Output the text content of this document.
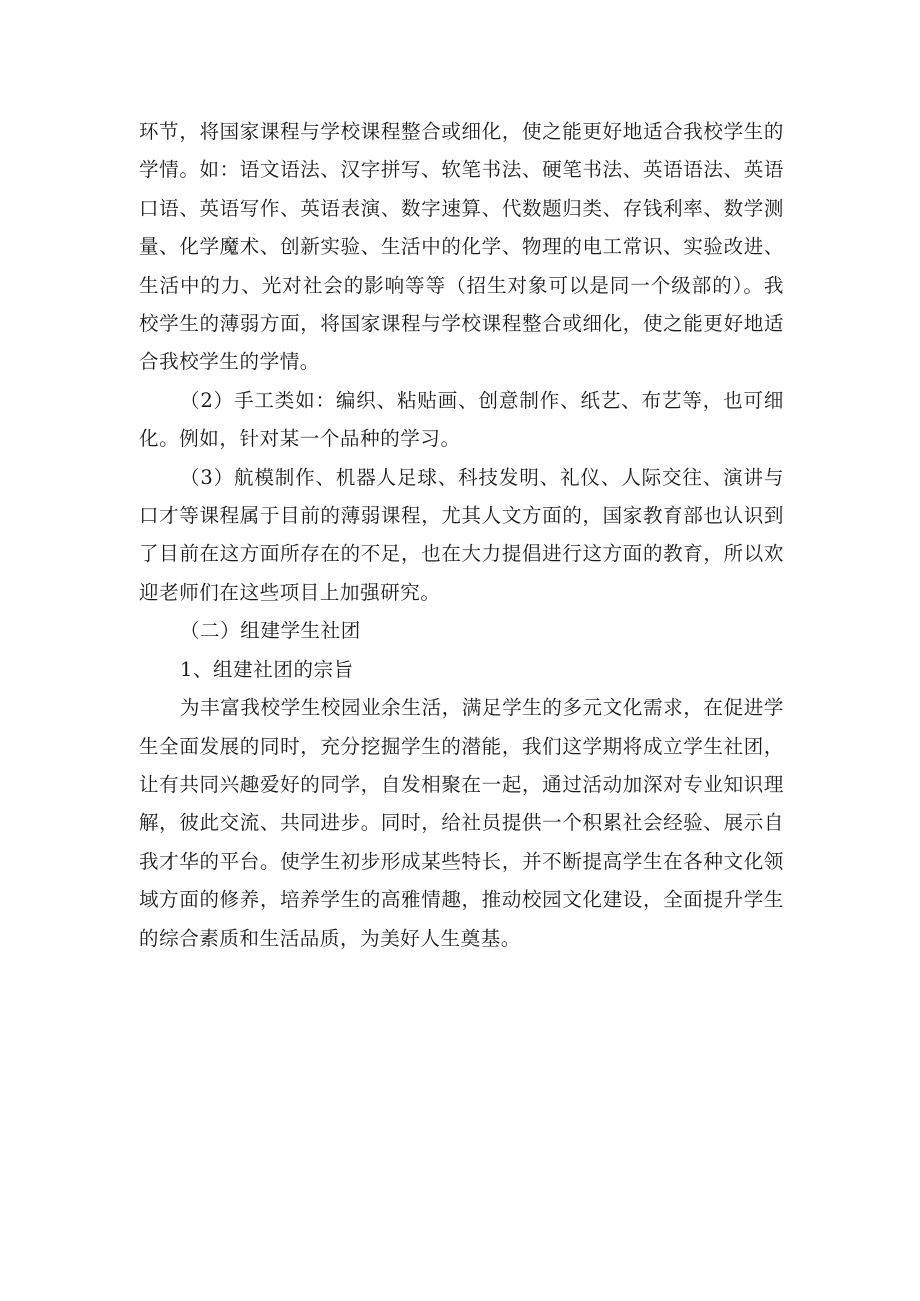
环节，将国家课程与学校课程整合或细化，使之能更好地适合我校学生的学情。如：语文语法、汉字拼写、软笔书法、硬笔书法、英语语法、英语口语、英语写作、英语表演、数字速算、代数题归类、存钱利率、数学测量、化学魔术、创新实验、生活中的化学、物理的电工常识、实验改进、生活中的力、光对社会的影响等等（招生对象可以是同一个级部的）。我校学生的薄弱方面，将国家课程与学校课程整合或细化，使之能更好地适合我校学生的学情。

（2）手工类如：编织、粘贴画、创意制作、纸艺、布艺等，也可细化。例如，针对某一个品种的学习。

（3）航模制作、机器人足球、科技发明、礼仪、人际交往、演讲与口才等课程属于目前的薄弱课程，尤其人文方面的，国家教育部也认识到了目前在这方面所存在的不足，也在大力提倡进行这方面的教育，所以欢迎老师们在这些项目上加强研究。

（二）组建学生社团

1、组建社团的宗旨

为丰富我校学生校园业余生活，满足学生的多元文化需求，在促进学生全面发展的同时，充分挖掘学生的潜能，我们这学期将成立学生社团，让有共同兴趣爱好的同学，自发相聚在一起，通过活动加深对专业知识理解，彼此交流、共同进步。同时，给社员提供一个积累社会经验、展示自我才华的平台。使学生初步形成某些特长，并不断提高学生在各种文化领域方面的修养，培养学生的高雅情趣，推动校园文化建设，全面提升学生的综合素质和生活品质，为美好人生奠基。
